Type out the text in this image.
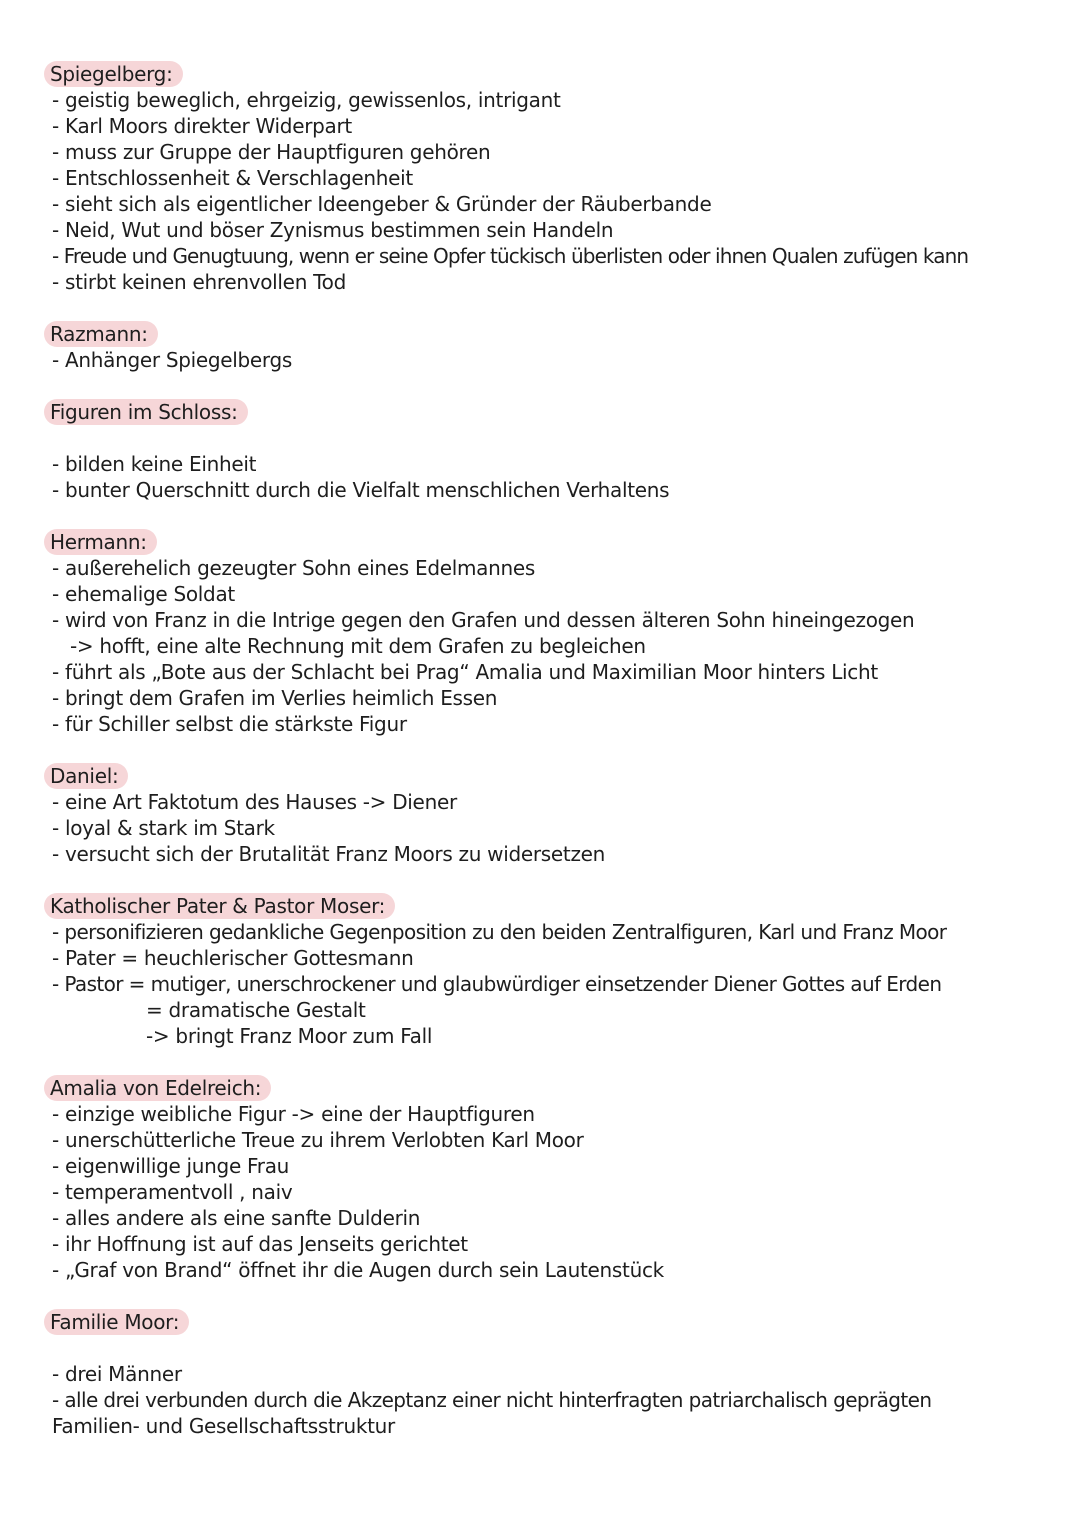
Spiegelberg:
- geistig beweglich, ehrgeizig, gewissenlos, intrigant
- Karl Moors direkter Widerpart
- muss zur Gruppe der Hauptfiguren gehören
- Entschlossenheit & Verschlagenheit
- sieht sich als eigentlicher Ideengeber & Gründer der Räuberbande
- Neid, Wut und böser Zynismus bestimmen sein Handeln
- Freude und Genugtuung, wenn er seine Opfer tückisch überlisten oder ihnen Qualen zufügen kann
- stirbt keinen ehrenvollen Tod
Razmann:
- Anhänger Spiegelbergs
Figuren im Schloss:
- bilden keine Einheit
- bunter Querschnitt durch die Vielfalt menschlichen Verhaltens
Hermann:
- außerehelich gezeugter Sohn eines Edelmannes
- ehemalige Soldat
- wird von Franz in die Intrige gegen den Grafen und dessen älteren Sohn hineingezogen
-> hofft, eine alte Rechnung mit dem Grafen zu begleichen
- führt als „Bote aus der Schlacht bei Prag“ Amalia und Maximilian Moor hinters Licht
- bringt dem Grafen im Verlies heimlich Essen
- für Schiller selbst die stärkste Figur
Daniel:
- eine Art Faktotum des Hauses -> Diener
- loyal & stark im Stark
- versucht sich der Brutalität Franz Moors zu widersetzen
Katholischer Pater & Pastor Moser:
- personifizieren gedankliche Gegenposition zu den beiden Zentralfiguren, Karl und Franz Moor
- Pater = heuchlerischer Gottesmann
- Pastor = mutiger, unerschrockener und glaubwürdiger einsetzender Diener Gottes auf Erden
= dramatische Gestalt
-> bringt Franz Moor zum Fall
Amalia von Edelreich:
- einzige weibliche Figur -> eine der Hauptfiguren
- unerschütterliche Treue zu ihrem Verlobten Karl Moor
- eigenwillige junge Frau
- temperamentvoll , naiv
- alles andere als eine sanfte Dulderin
- ihr Hoffnung ist auf das Jenseits gerichtet
- „Graf von Brand“ öffnet ihr die Augen durch sein Lautenstück
Familie Moor:
- drei Männer
- alle drei verbunden durch die Akzeptanz einer nicht hinterfragten patriarchalisch geprägten
Familien- und Gesellschaftsstruktur
